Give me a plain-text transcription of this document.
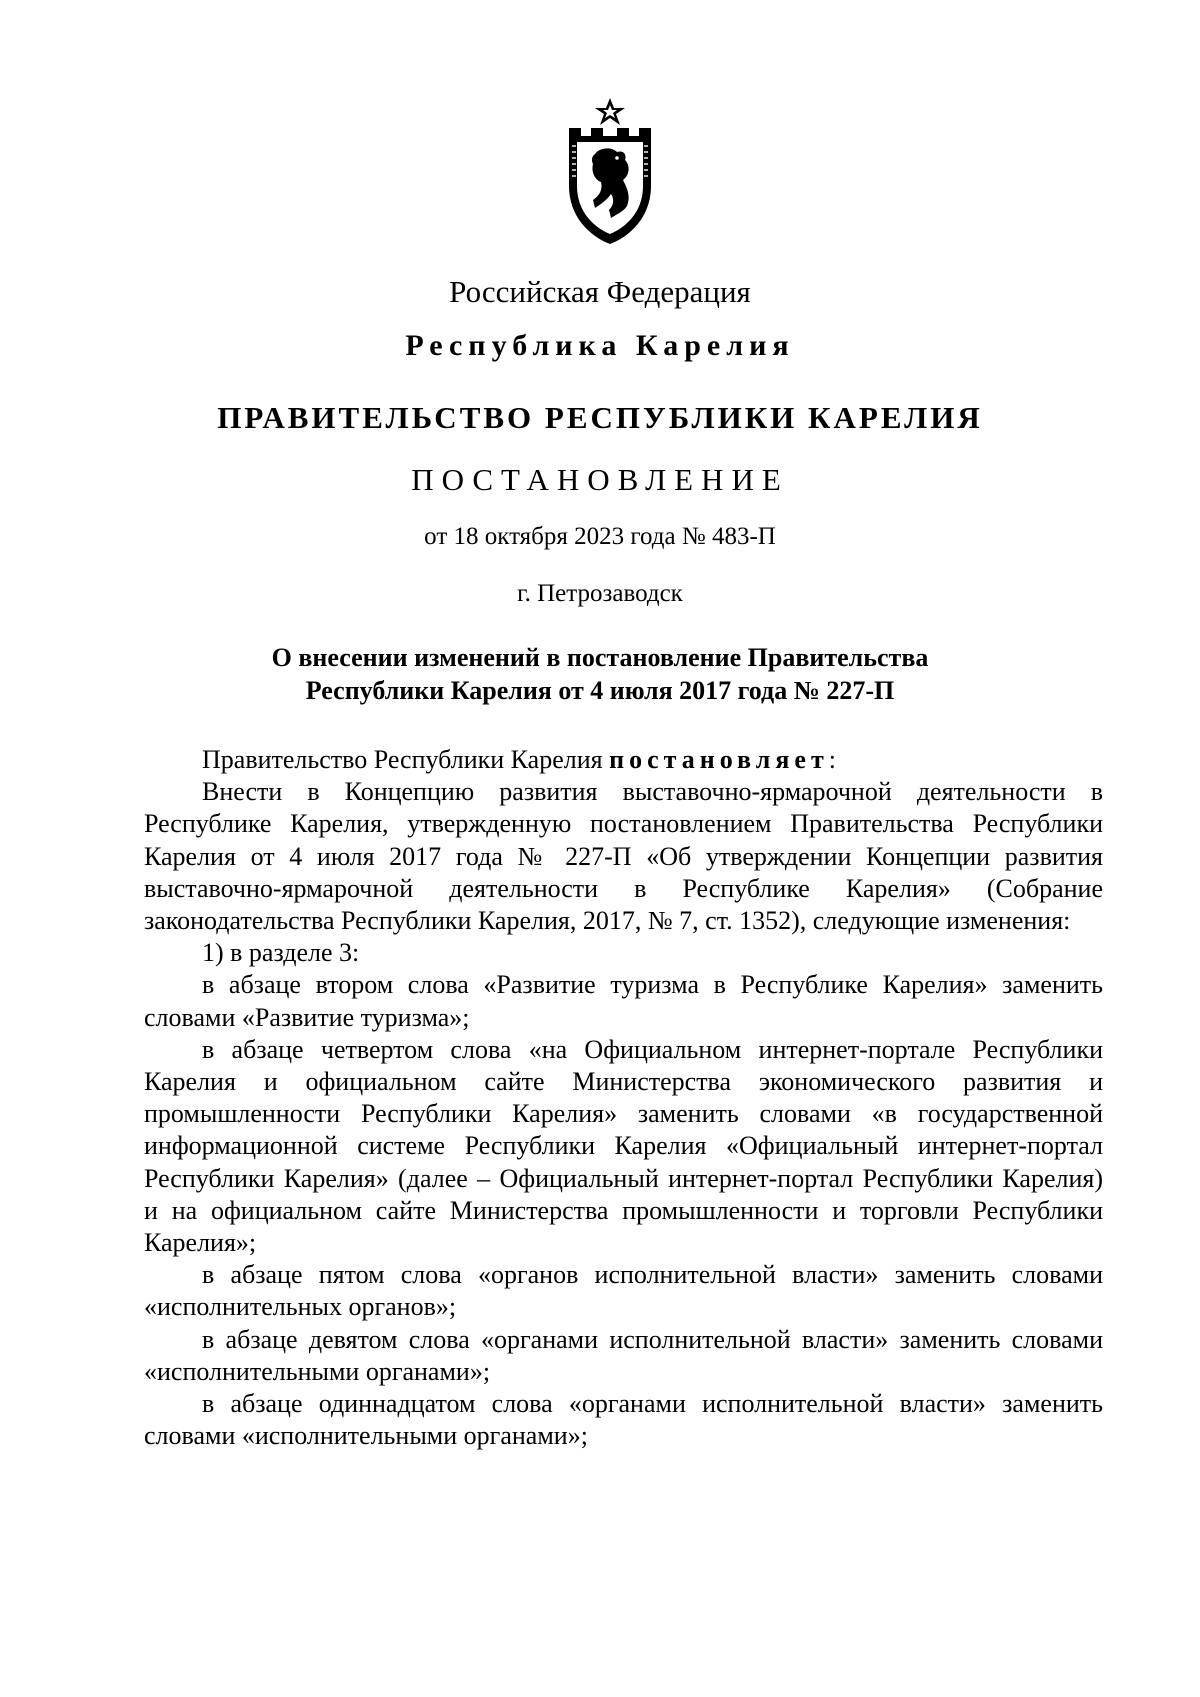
Российская Федерация
Республика Карелия
ПРАВИТЕЛЬСТВО РЕСПУБЛИКИ КАРЕЛИЯ
ПОСТАНОВЛЕНИЕ
от 18 октября 2023 года № 483-П
г. Петрозаводск
О внесении изменений в постановление Правительства
Республики Карелия от 4 июля 2017 года № 227-П

Правительство Республики Карелия постановляет:

Внести в Концепцию развития выставочно-ярмарочной деятельности в Республике Карелия, утвержденную постановлением Правительства Республики Карелия от 4 июля 2017 года № 227-П «Об утверждении Концепции развития выставочно-ярмарочной деятельности в Республике Карелия» (Собрание законодательства Республики Карелия, 2017, № 7, ст. 1352), следующие изменения:

1) в разделе 3:

в абзаце втором слова «Развитие туризма в Республике Карелия» заменить словами «Развитие туризма»;

в абзаце четвертом слова «на Официальном интернет-портале Республики Карелия и официальном сайте Министерства экономического развития и промышленности Республики Карелия» заменить словами «в государственной информационной системе Республики Карелия «Официальный интернет-портал Республики Карелия» (далее – Официальный интернет-портал Республики Карелия) и на официальном сайте Министерства промышленности и торговли Республики Карелия»;

в абзаце пятом слова «органов исполнительной власти» заменить словами «исполнительных органов»;

в абзаце девятом слова «органами исполнительной власти» заменить словами «исполнительными органами»;

в абзаце одиннадцатом слова «органами исполнительной власти» заменить словами «исполнительными органами»;
